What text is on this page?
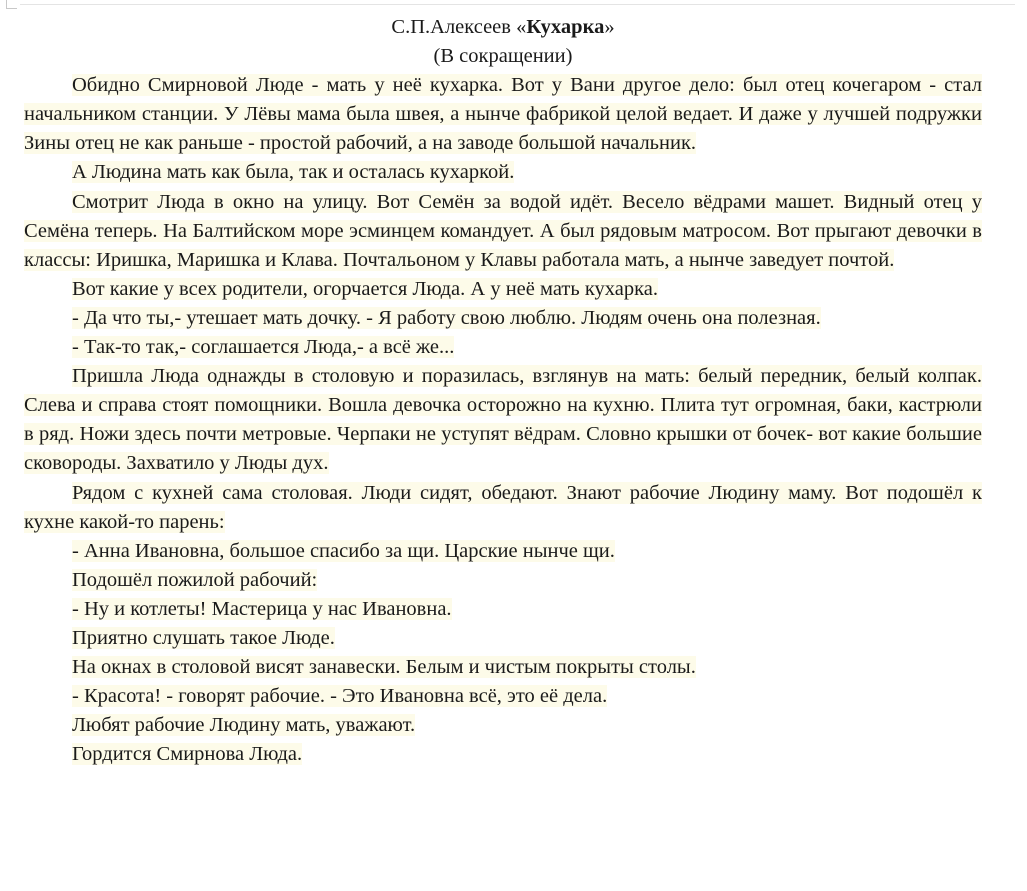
С.П.Алексеев «Кухарка»

(В сокращении)

Обидно Смирновой Люде - мать у неё кухарка. Вот у Вани другое дело: был отец кочегаром - стал начальником станции. У Лёвы мама была швея, а нынче фабрикой целой ведает. И даже у лучшей подружки Зины отец не как раньше - простой рабочий, а на заводе большой начальник.

А Людина мать как была, так и осталась кухаркой.

Смотрит Люда в окно на улицу. Вот Семён за водой идёт. Весело вёдрами машет. Видный отец у Семёна теперь. На Балтийском море эсминцем командует. А был рядовым матросом. Вот прыгают девочки в классы: Иришка, Маришка и Клава. Почтальоном у Клавы работала мать, а нынче заведует почтой.

Вот какие у всех родители, огорчается Люда. А у неё мать кухарка.

- Да что ты,- утешает мать дочку. - Я работу свою люблю. Людям очень она полезная.

- Так-то так,- соглашается Люда,- а всё же...

Пришла Люда однажды в столовую и поразилась, взглянув на мать: белый передник, белый колпак. Слева и справа стоят помощники. Вошла девочка осторожно на кухню. Плита тут огромная, баки, кастрюли в ряд. Ножи здесь почти метровые. Черпаки не уступят вёдрам. Словно крышки от бочек- вот какие большие сковороды. Захватило у Люды дух.

Рядом с кухней сама столовая. Люди сидят, обедают. Знают рабочие Людину маму. Вот подошёл к кухне какой-то парень:

- Анна Ивановна, большое спасибо за щи. Царские нынче щи.

Подошёл пожилой рабочий:

- Ну и котлеты! Мастерица у нас Ивановна.

Приятно слушать такое Люде.

На окнах в столовой висят занавески. Белым и чистым покрыты столы.

- Красота! - говорят рабочие. - Это Ивановна всё, это её дела.

Любят рабочие Людину мать, уважают.

Гордится Смирнова Люда.
